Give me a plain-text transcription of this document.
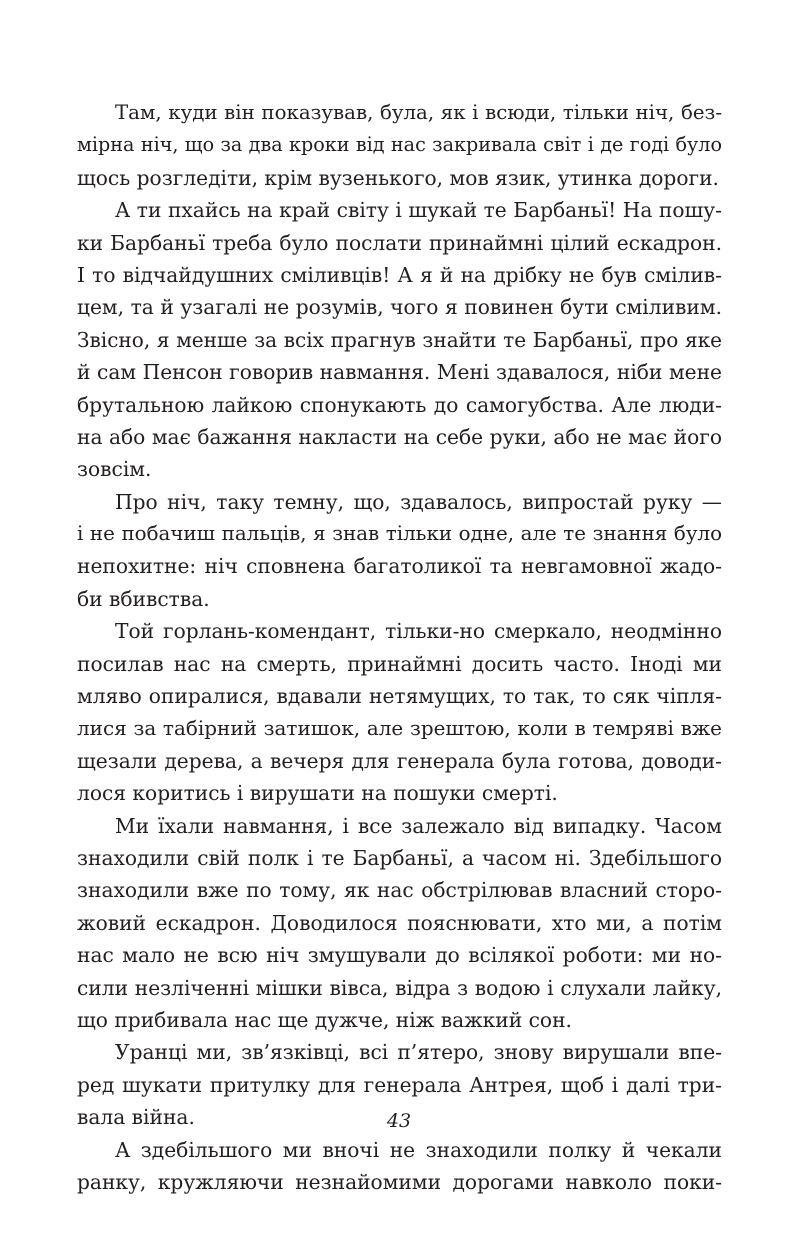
Там, куди він показував, була, як і всюди, тільки ніч, без-
мірна ніч, що за два кроки від нас закривала світ і де годі було
щось розгледіти, крім вузенького, мов язик, утинка дороги.

А ти пхайсь на край світу і шукай те Барбаньї! На пошу-
ки Барбаньї треба було послати принаймні цілий ескадрон.
І то відчайдушних сміливців! А я й на дрібку не був смілив-
цем, та й узагалі не розумів, чого я повинен бути сміливим.
Звісно, я менше за всіх прагнув знайти те Барбаньї, про яке
й сам Пенсон говорив навмання. Мені здавалося, ніби мене
брутальною лайкою спонукають до самогубства. Але люди-
на або має бажання накласти на себе руки, або не має його
зовсім.

Про ніч, таку темну, що, здавалось, випростай руку —
і не побачиш пальців, я знав тільки одне, але те знання було
непохитне: ніч сповнена багатоликої та невгамовної жадо-
би вбивства.

Той горлань-комендант, тільки-но смеркало, неодмінно
посилав нас на смерть, принаймні досить часто. Іноді ми
мляво опиралися, вдавали нетямущих, то так, то сяк чіпля-
лися за табірний затишок, але зрештою, коли в темряві вже
щезали дерева, а вечеря для генерала була готова, доводи-
лося коритись і вирушати на пошуки смерті.

Ми їхали навмання, і все залежало від випадку. Часом
знаходили свій полк і те Барбаньї, а часом ні. Здебільшого
знаходили вже по тому, як нас обстрілював власний сторо-
жовий ескадрон. Доводилося пояснювати, хто ми, а потім
нас мало не всю ніч змушували до всілякої роботи: ми но-
сили незліченні мішки вівса, відра з водою і слухали лайку,
що прибивала нас ще дужче, ніж важкий сон.

Уранці ми, зв’язківці, всі п’ятеро, знову вирушали впе-
ред шукати притулку для генерала Антрея, щоб і далі три-
вала війна.

А здебільшого ми вночі не знаходили полку й чекали
ранку, кружляючи незнайомими дорогами навколо поки-

43
